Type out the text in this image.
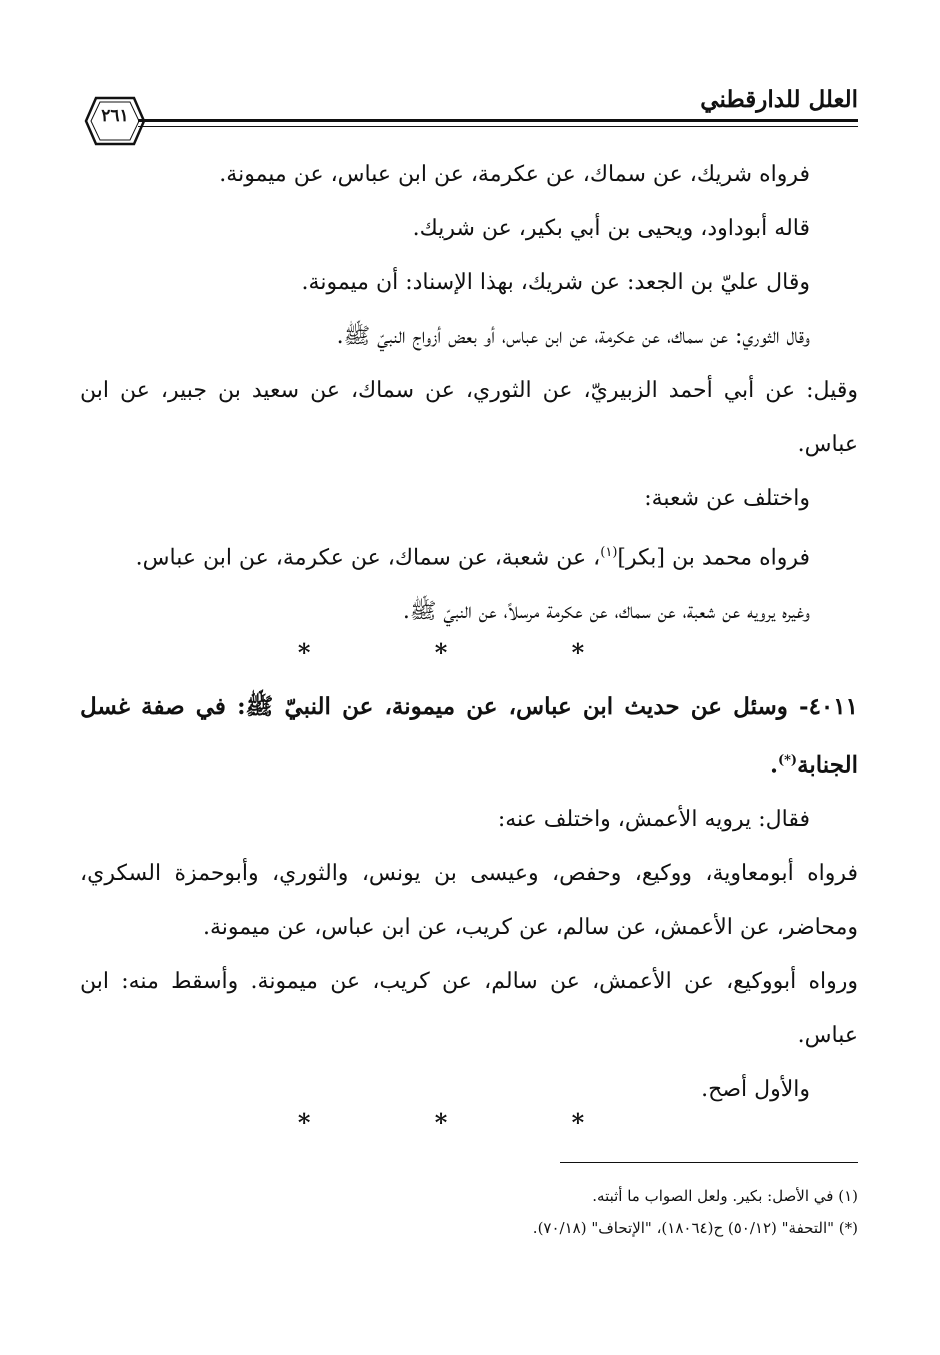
العلل للدارقطني
٢٦١

فرواه شريك، عن سماك، عن عكرمة، عن ابن عباس، عن ميمونة.

قاله أبوداود، ويحيى بن أبي بكير، عن شريك.

وقال عليّ بن الجعد: عن شريك، بهذا الإسناد: أن ميمونة.

وقال الثوري: عن سماك، عن عكرمة، عن ابن عباس، أو بعض أزواج النبيّ ﷺ.

وقيل: عن أبي أحمد الزبيريّ، عن الثوري، عن سماك، عن سعيد بن جبير، عن ابن عباس.

واختلف عن شعبة:

فرواه محمد بن [بكر]$^{(١)}$، عن شعبة، عن سماك، عن عكرمة، عن ابن عباس.

وغيره يرويه عن شعبة، عن سماك، عن عكرمة مرسلاً، عن النبيّ ﷺ.

* * *

٤٠١١- وسئل عن حديث ابن عباس، عن ميمونة، عن النبيّ ﷺ: في صفة غسل الجنابة(*).

فقال: يرويه الأعمش، واختلف عنه:

فرواه أبومعاوية، ووكيع، وحفص، وعيسى بن يونس، والثوري، وأبوحمزة السكري، ومحاضر، عن الأعمش، عن سالم، عن كريب، عن ابن عباس، عن ميمونة.

ورواه أبووكيع، عن الأعمش، عن سالم، عن كريب، عن ميمونة. وأسقط منه: ابن عباس.

والأول أصح.

* * *

(١) في الأصل: بكير. ولعل الصواب ما أثبته.

(*) "التحفة" (٥٠/١٢) ح(١٨٠٦٤)، "الإتحاف" (٧٠/١٨).
